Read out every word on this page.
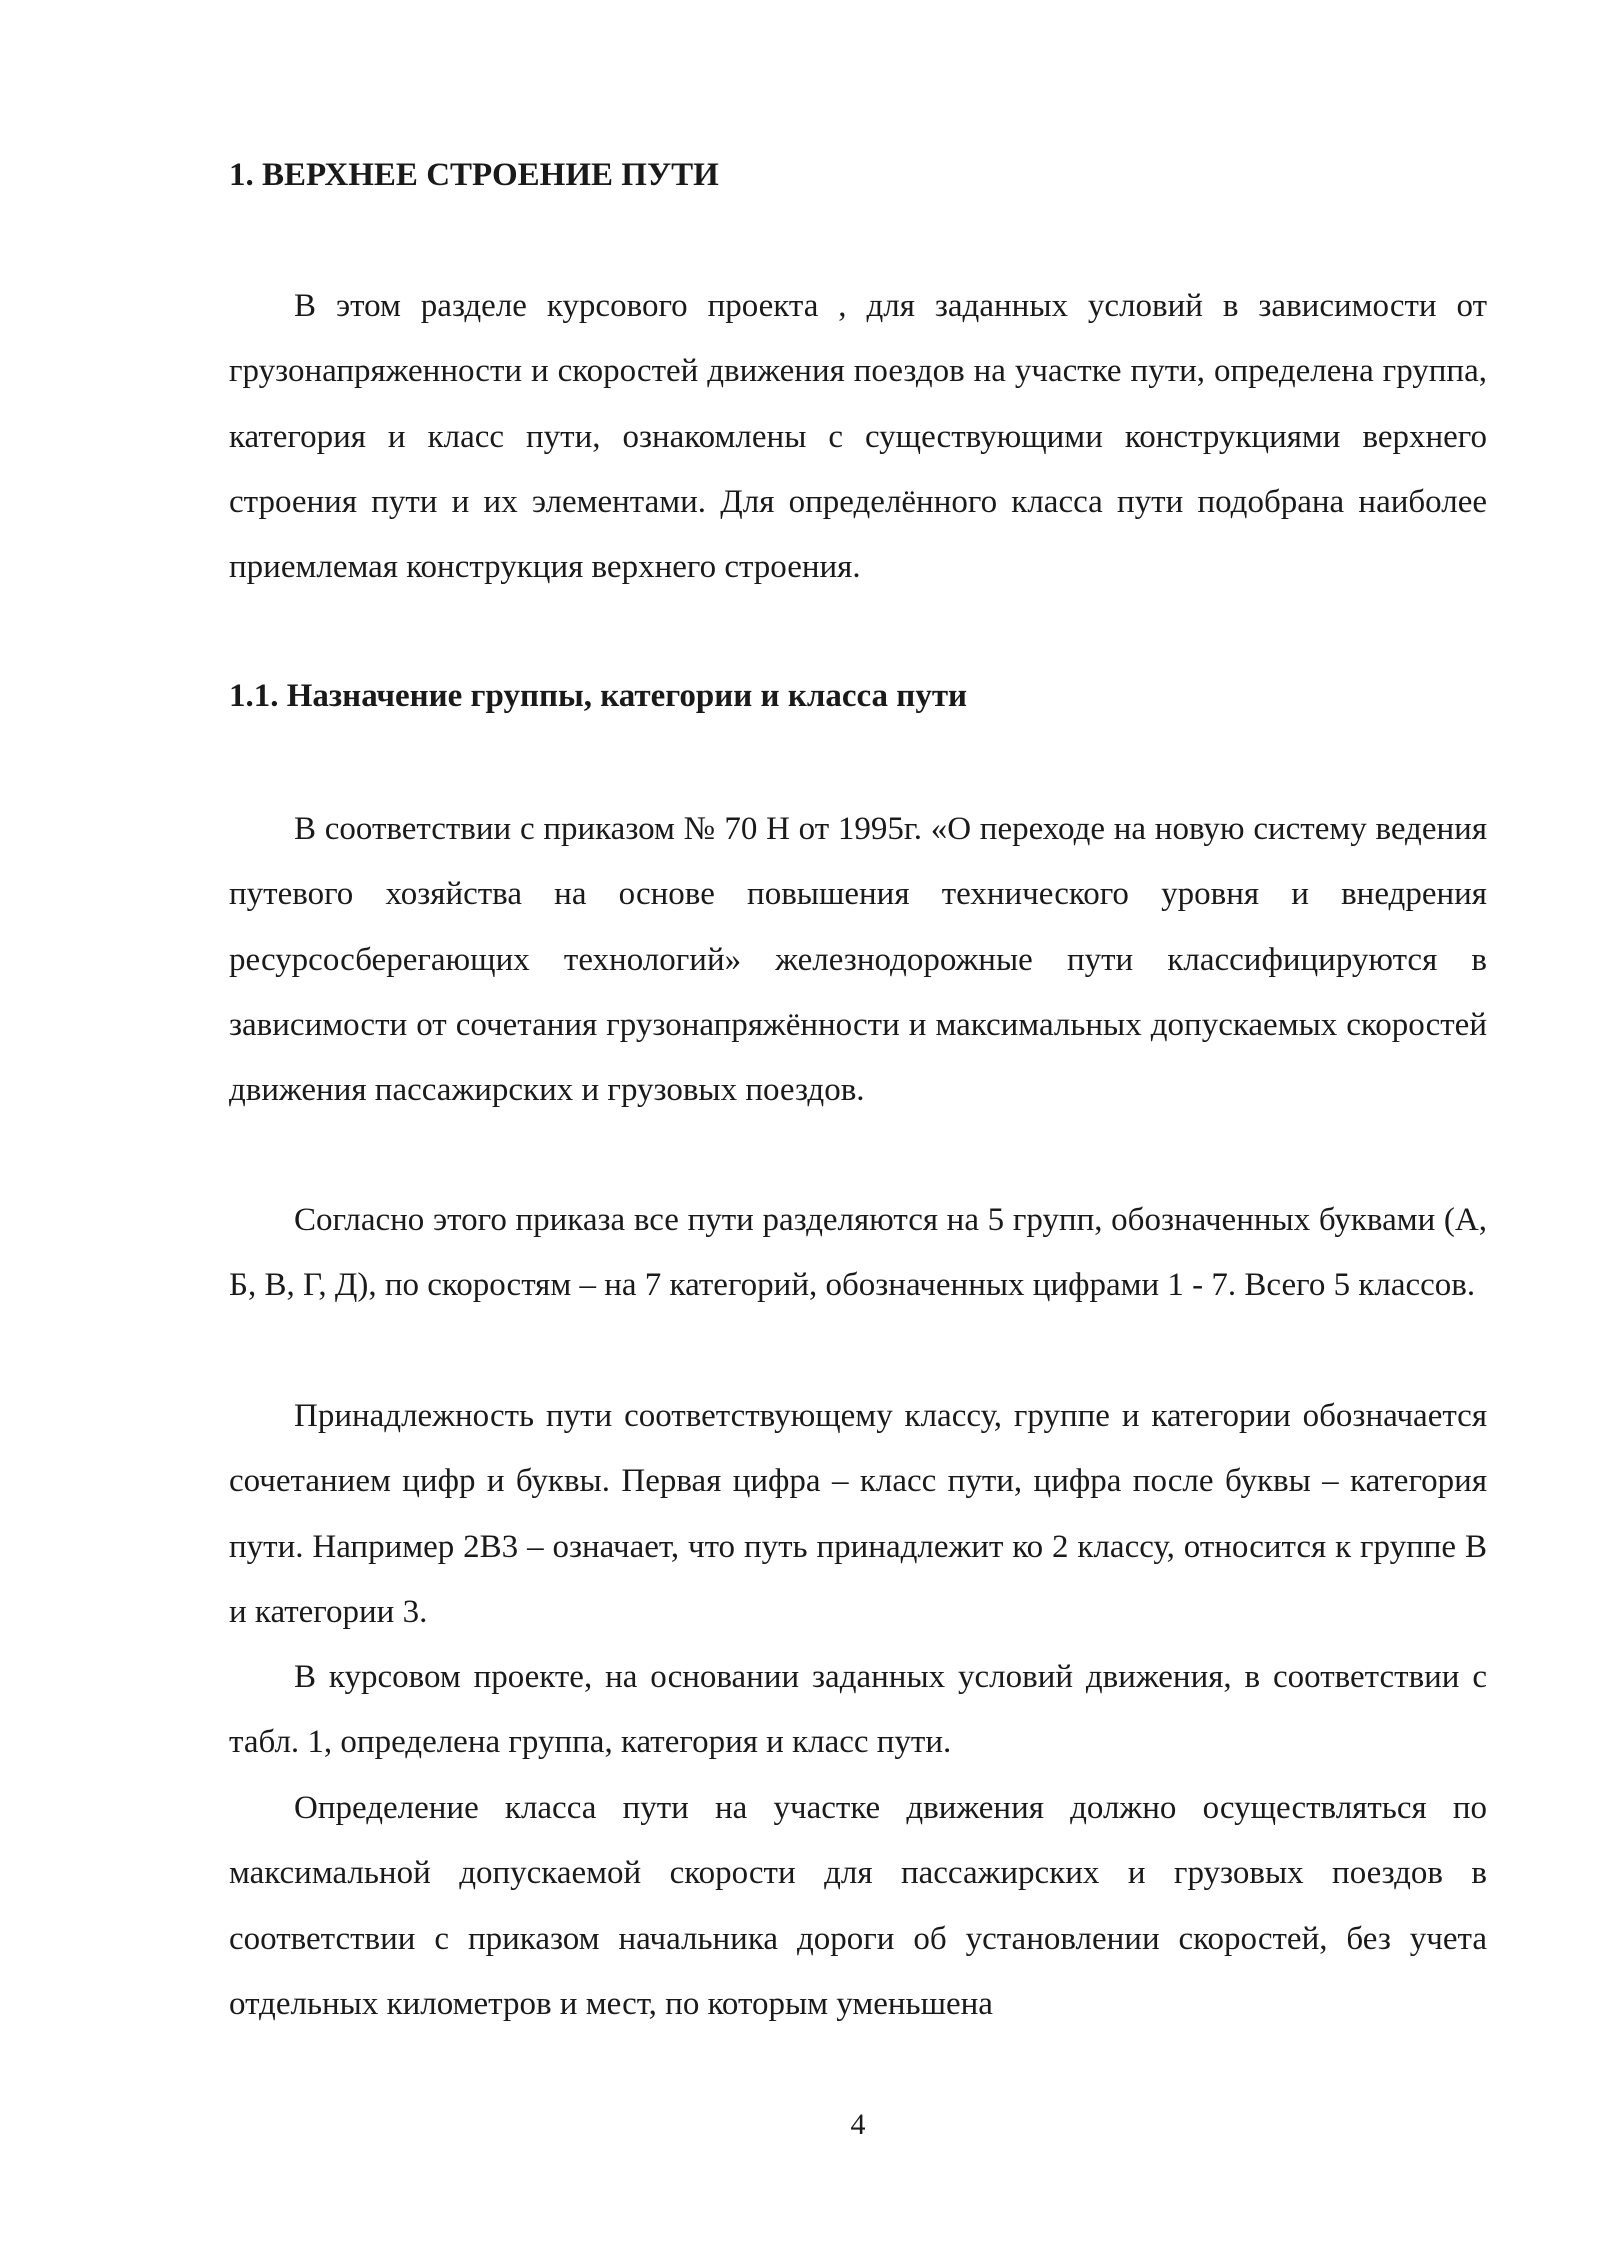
1. ВЕРХНЕЕ СТРОЕНИЕ ПУТИ

В этом разделе курсового проекта , для заданных условий в зависимости от грузонапряженности и скоростей движения поездов на участке пути, определена группа, категория и класс пути, ознакомлены с существующими конструкциями верхнего строения пути и их элементами. Для определённого класса пути подобрана наиболее приемлемая конструкция верхнего строения.

1.1. Назначение группы, категории и класса пути

В соответствии с приказом № 70 Н от 1995г. «О переходе на новую систему ведения путевого хозяйства на основе повышения технического уровня и внедрения ресурсосберегающих технологий» железнодорожные пути классифицируются в зависимости от сочетания грузонапряжённости и максимальных допускаемых скоростей движения пассажирских и грузовых поездов.

Согласно этого приказа все пути разделяются на 5 групп, обозначенных буквами (А, Б, В, Г, Д), по скоростям – на 7 категорий, обозначенных цифрами 1 - 7. Всего 5 классов.

Принадлежность пути соответствующему классу, группе и категории обозначается сочетанием цифр и буквы. Первая цифра – класс пути, цифра после буквы – категория пути. Например 2В3 – означает, что путь принадлежит ко 2 классу, относится к группе В и категории 3.

В курсовом проекте, на основании заданных условий движения, в соответствии с табл. 1, определена группа, категория и класс пути.

Определение класса пути на участке движения должно осуществляться по максимальной допускаемой скорости для пассажирских и грузовых поездов в соответствии с приказом начальника дороги об установлении скоростей, без учета отдельных километров и мест, по которым уменьшена

4
